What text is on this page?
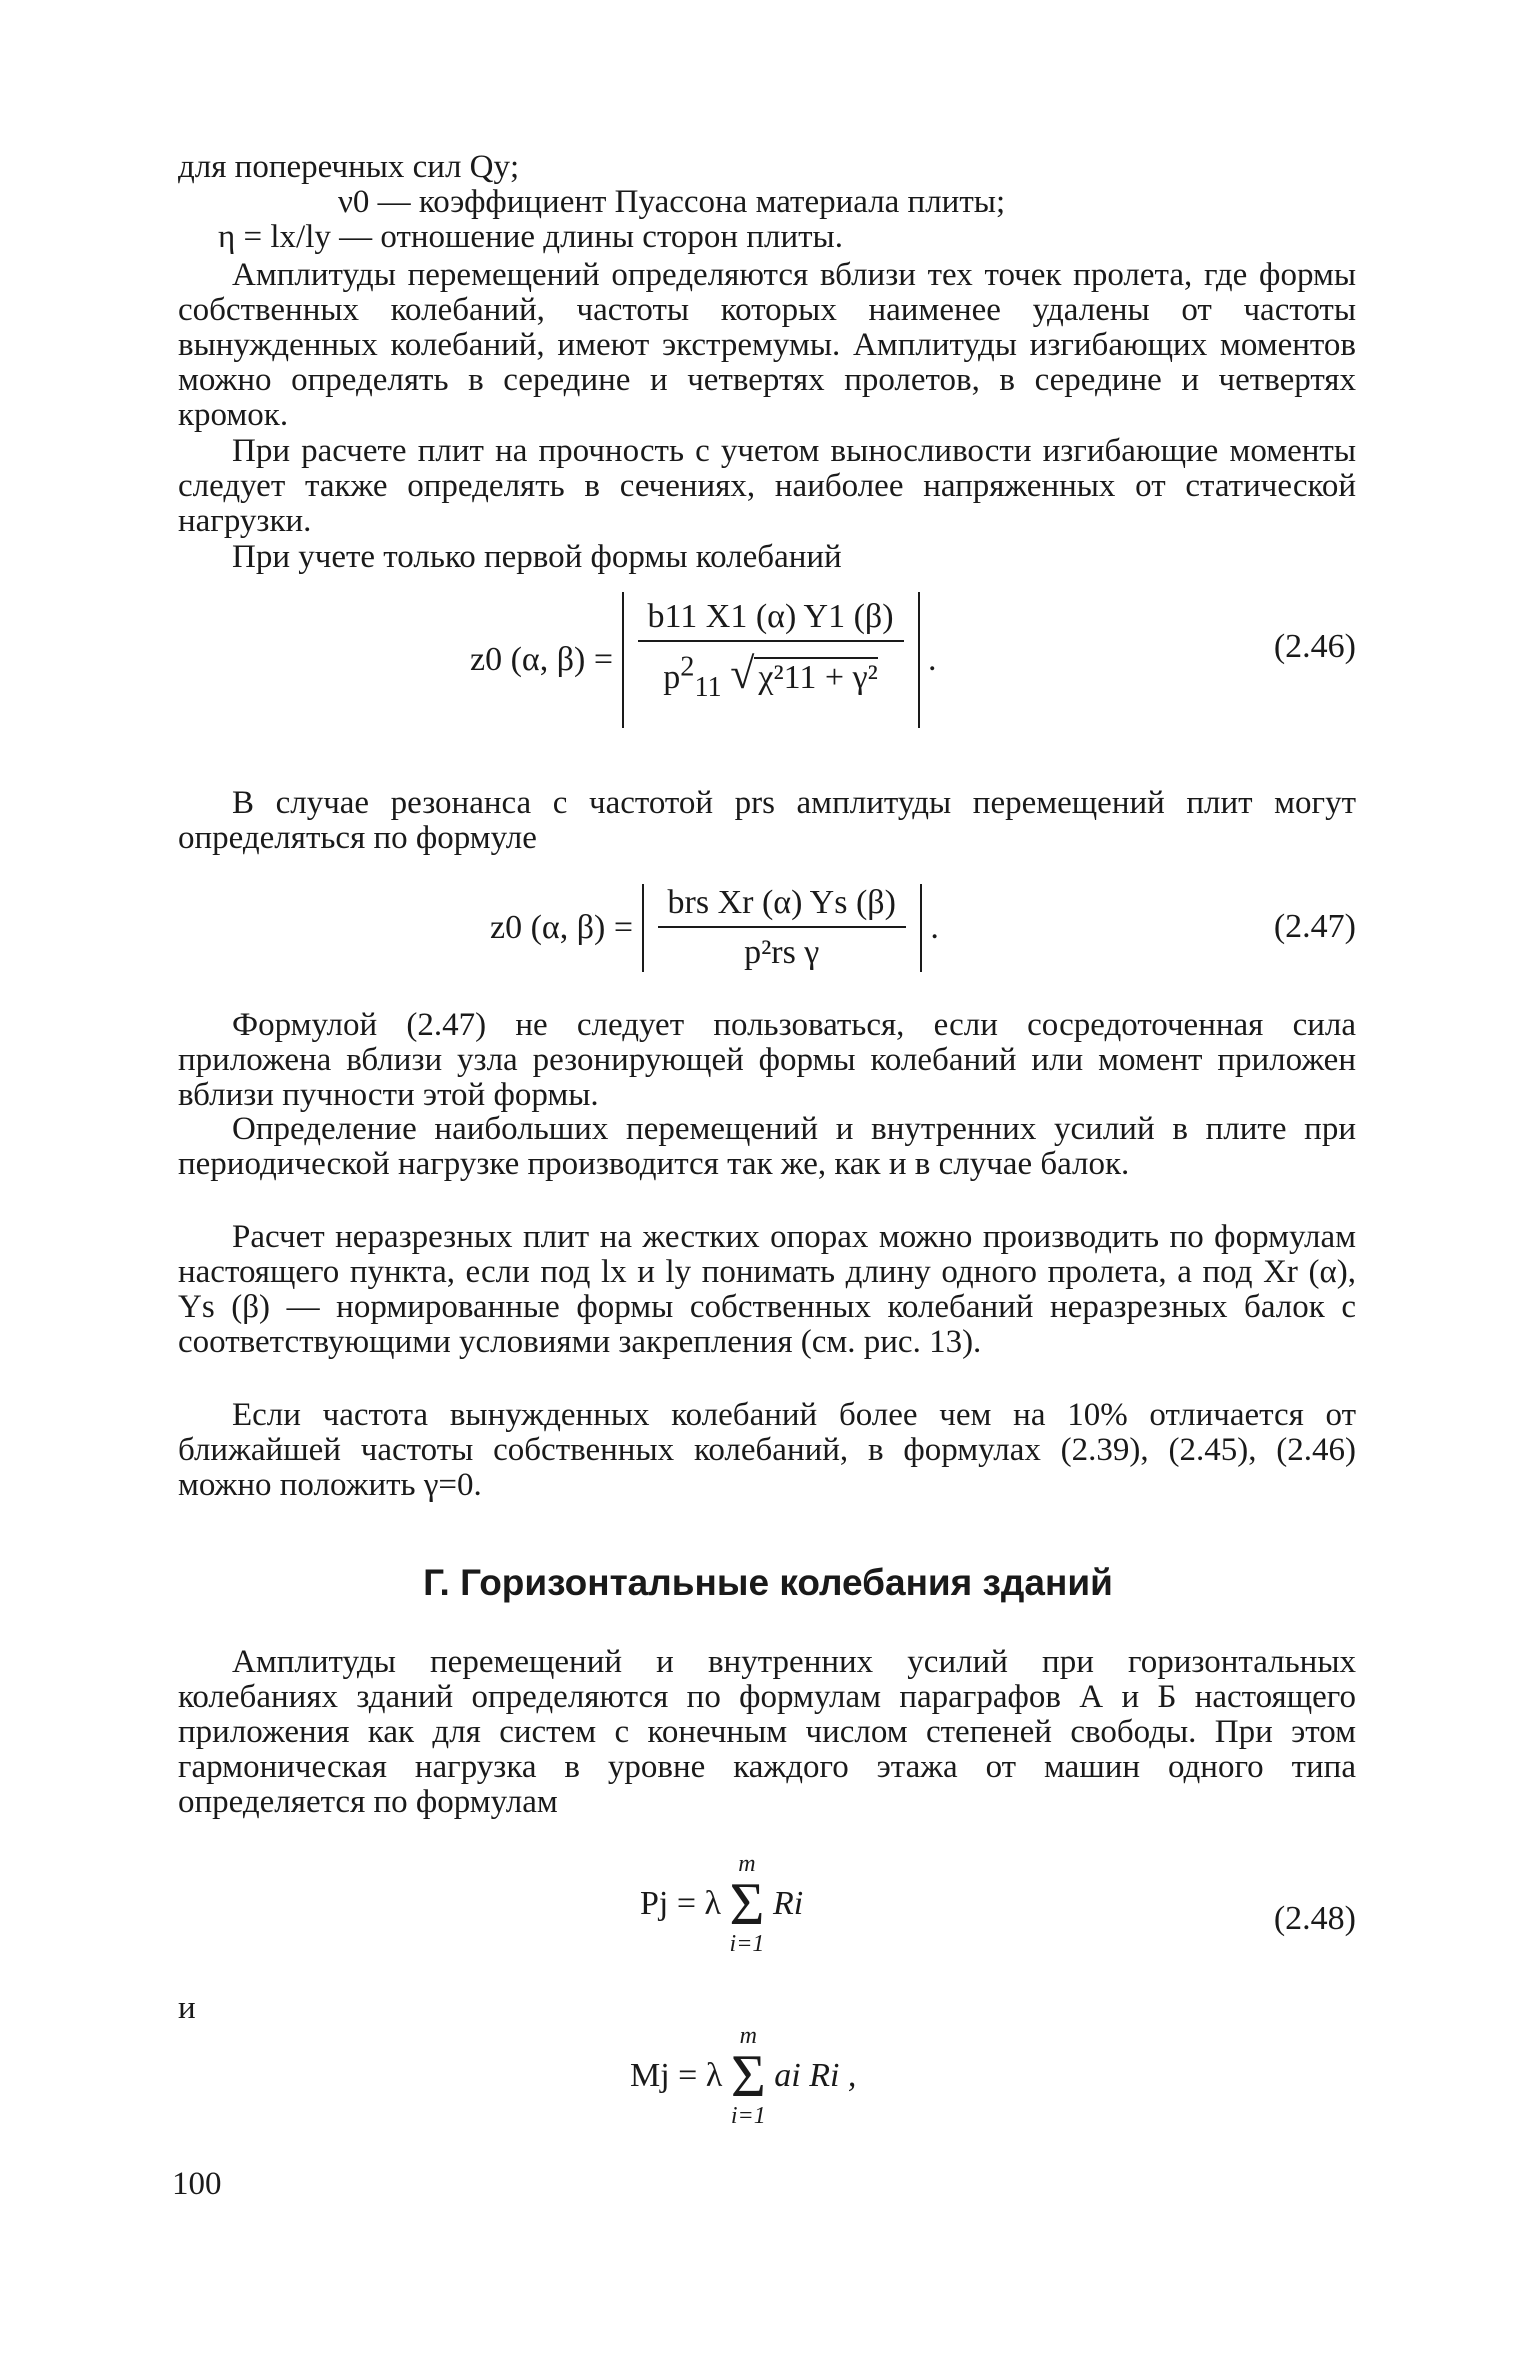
для поперечных сил Qy;
ν0 — коэффициент Пуассона материала плиты;
η = lx/ly — отношение длины сторон плиты.

Амплитуды перемещений определяются вблизи тех точек пролета, где формы собственных колебаний, частоты которых наименее удалены от частоты вынужденных колебаний, имеют экстремумы. Амплитуды изгибающих моментов можно определять в середине и четвертях пролетов, в середине и четвертях кромок.

При расчете плит на прочность с учетом выносливости изгибающие моменты следует также определять в сечениях, наиболее напряженных от статической нагрузки.

При учете только первой формы колебаний

z0 (α, $\beta) = \frac{b11 X1 (\alpha) Y1 (\beta)}{p^2_{11} √ \chi^211 + \gamma^2}$ .	(2.46)

В случае резонанса с частотой prs амплитуды перемещений плит могут определяться по формуле

z0 (α, $\beta) = \frac{\text{brs Xr (α) Ys (β)}}{\text{p²rs γ}}$ .	(2.47)

Формулой (2.47) не следует пользоваться, если сосредоточенная сила приложена вблизи узла резонирующей формы колебаний или момент приложен вблизи пучности этой формы.

Определение наибольших перемещений и внутренних усилий в плите при периодической нагрузке производится так же, как и в случае балок.

Расчет неразрезных плит на жестких опорах можно производить по формулам настоящего пункта, если под lx и ly понимать длину одного пролета, а под Xr (α), Ys (β) — нормированные формы собственных колебаний неразрезных балок с соответствующими условиями закрепления (см. рис. 13).

Если частота вынужденных колебаний более чем на 10% отличается от ближайшей частоты собственных колебаний, в формулах (2.39), (2.45), (2.46) можно положить γ=0.

Г. Горизонтальные колебания зданий

Амплитуды перемещений и внутренних усилий при горизонтальных колебаниях зданий определяются по формулам параграфов А и Б настоящего приложения как для систем с конечным числом степеней свободы. При этом гармоническая нагрузка в уровне каждого этажа от машин одного типа определяется по формулам

Pj = λ
m
Σ
i=1
Ri	(2.48)
и
Mj = λ
m
Σ
i=1
ai Ri ,
100
